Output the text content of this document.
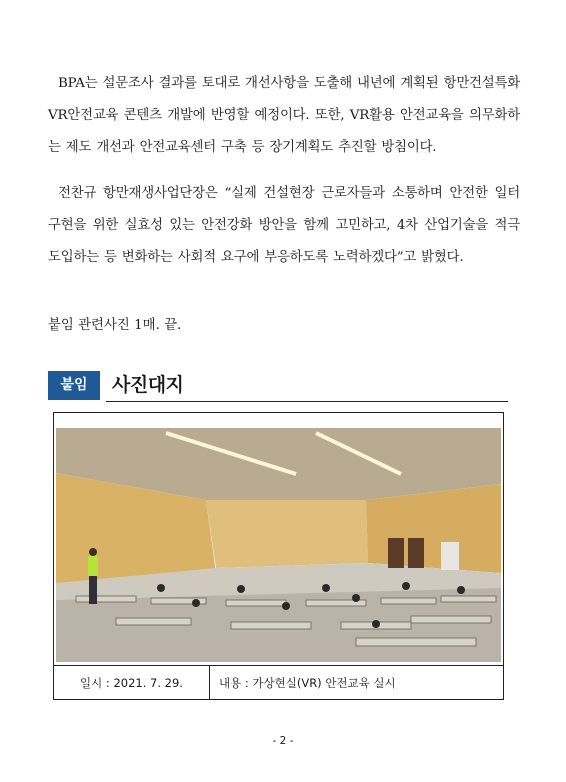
BPA는 설문조사 결과를 토대로 개선사항을 도출해 내년에 계획된 항만건설특화 VR안전교육 콘텐츠 개발에 반영할 예정이다. 또한, VR활용 안전교육을 의무화하는 제도 개선과 안전교육센터 구축 등 장기계획도 추진할 방침이다.

전찬규 항만재생사업단장은 “실제 건설현장 근로자들과 소통하며 안전한 일터 구현을 위한 실효성 있는 안전강화 방안을 함께 고민하고, 4차 산업기술을 적극 도입하는 등 변화하는 사회적 요구에 부응하도록 노력하겠다”고 밝혔다.

붙임 관련사진 1매. 끝.
붙임	사진대지
일시 : 2021. 7. 29.	내용 : 가상현실(VR) 안전교육 실시
- 2 -
